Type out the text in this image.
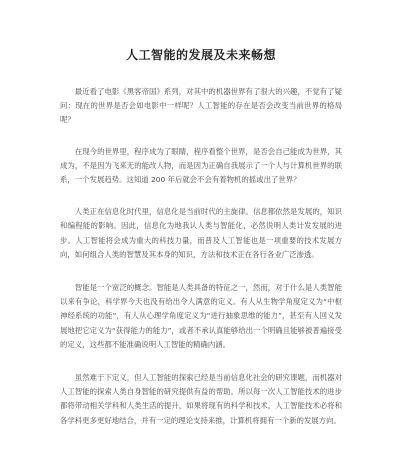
人工智能的发展及未来畅想

最近看了电影《黑客帝国》系列，对其中的机器世界有了很大的兴趣，不觉有了疑问：现在的世界是否会如电影中一样呢？人工智能的存在是否会改变当前世界的格局呢？

在现今的世界里，程序成为了眼睛，程序看整个世界，是否会自己能成为世界，其成为，不是因为飞来无的能改人物，而是因为正确自我展示了一个人与计算机世界的联系，一个发展趋势。这知道 200 年后就会不会有着物机的摇或出了世界？

人类正在信息化时代里，信息化是当前时代的主旋律。信息都依然是发展的，知识和编程能的影响。因此，信息化为地我认人类与智能化，必然说明人类计发发展的进步。人工智能将会成为重大的科技力量，而普及人工智能也是一项重要的技术发展方向，如何组合人类的智慧及其本身的知识，方法和技术正在各行各业广泛渗透。

智能是一个宽泛的概念。智能是人类具备的特征之一，然而，对于什么是人类智能以来有争论，科学界今天也没有给出令人满意的定义。有人从生物学角度定义为“中枢神经系统的功能”，有人从心理学角度定义为“进行抽象思维的能力”，甚至有人回义发展地把它定义为“获得能力的能力”，或者不承认真能够给出一个明确且能够被普遍接受的定义，这些都不能准确说明人工智能的精确内涵。

虽然难于下定义，但人工智能的探索已经是当前信息化社会的研究课题，而机器对人工智能的探索人类自身智能的研究提供有益的帮助。所以每一次人工智能技术的进步都将带动相关学科和人类生活的提升，如果将现有的科学和技术，人工智能技术必将和各学科更多更好地结合，并有一定的理论支持来推，计算机将拥有一个新的发展方向。
